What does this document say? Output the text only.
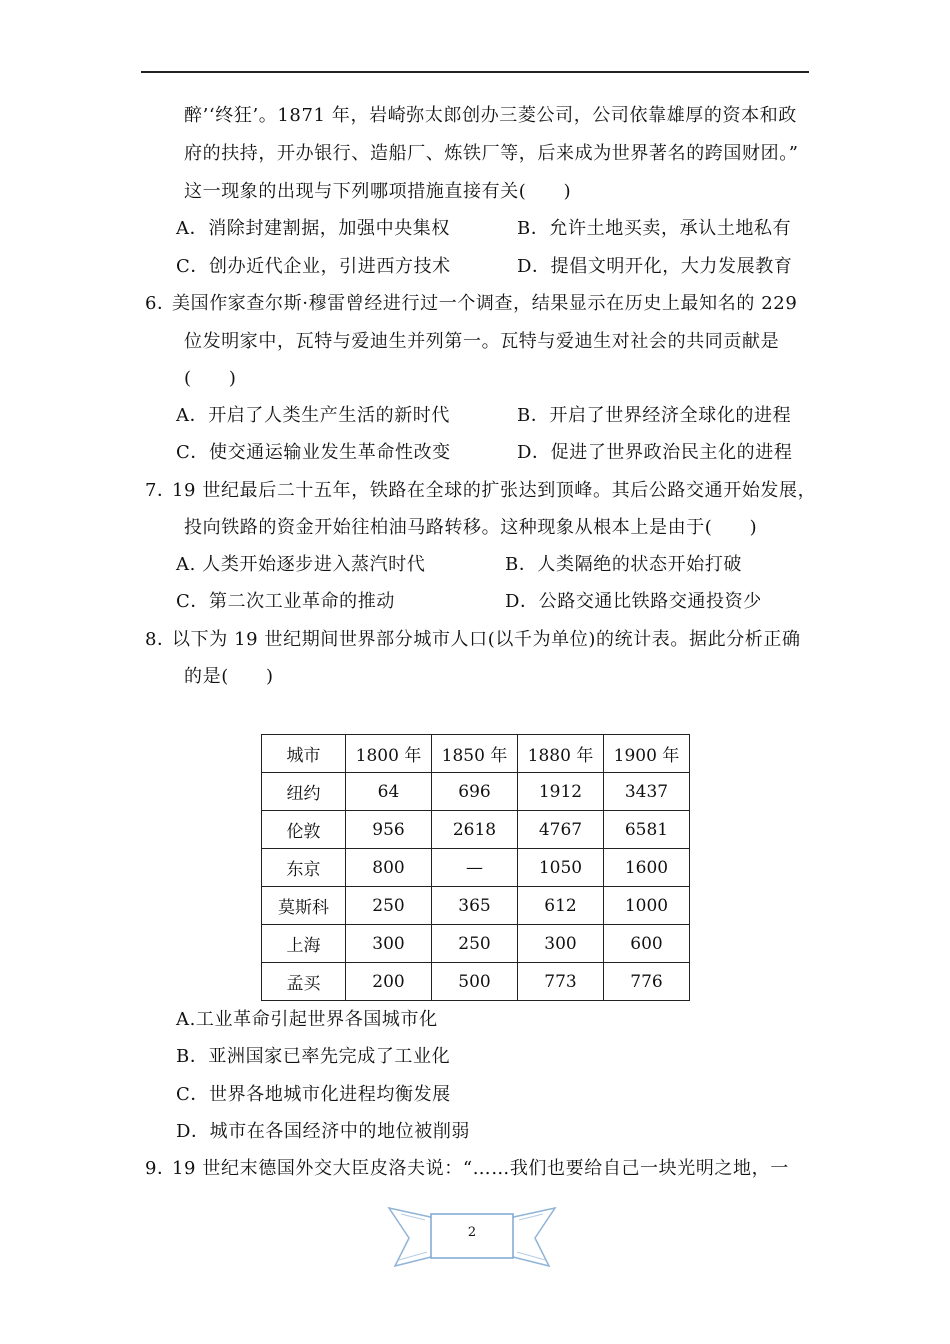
醉’‘终狂’。1871 年，岩崎弥太郎创办三菱公司，公司依靠雄厚的资本和政
府的扶持，开办银行、造船厂、炼铁厂等，后来成为世界著名的跨国财团。”
这一现象的出现与下列哪项措施直接有关(　　)
A．消除封建割据，加强中央集权	B．允许土地买卖，承认土地私有
C．创办近代企业，引进西方技术	D．提倡文明开化，大力发展教育
6．
美国作家查尔斯·穆雷曾经进行过一个调查，结果显示在历史上最知名的 229
位发明家中，瓦特与爱迪生并列第一。瓦特与爱迪生对社会的共同贡献是
(　　)
A．开启了人类生产生活的新时代	B．开启了世界经济全球化的进程
C．使交通运输业发生革命性改变	D．促进了世界政治民主化的进程
7．
19 世纪最后二十五年，铁路在全球的扩张达到顶峰。其后公路交通开始发展，
投向铁路的资金开始往柏油马路转移。这种现象从根本上是由于(　　)
A. 人类开始逐步进入蒸汽时代	B．人类隔绝的状态开始打破
C．第二次工业革命的推动	D．公路交通比铁路交通投资少
8．
以下为 19 世纪期间世界部分城市人口(以千为单位)的统计表。据此分析正确
的是(　　)
城市	1800 年	1850 年	1880 年	1900 年
纽约	64	696	1912	3437
伦敦	956	2618	4767	6581
东京	800	—	1050	1600
莫斯科	250	365	612	1000
上海	300	250	300	600
孟买	200	500	773	776
A.工业革命引起世界各国城市化
B．亚洲国家已率先完成了工业化
C．世界各地城市化进程均衡发展
D．城市在各国经济中的地位被削弱
9．
19 世纪末德国外交大臣皮洛夫说：“……我们也要给自己一块光明之地，一
2
